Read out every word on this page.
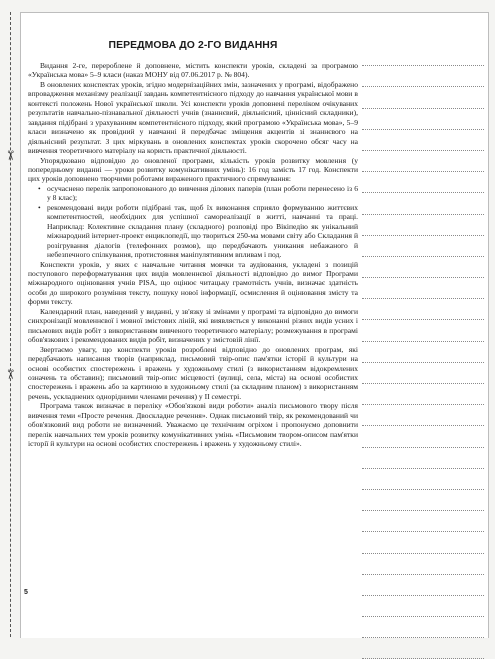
✂
✂
ПЕРЕДМОВА ДО 2-ГО ВИДАННЯ

Видання 2-ге, перероблене й доповнене, містить конспекти уроків, складені за програмою «Українська мова» 5–9 класи (наказ МОНУ від 07.06.2017 р. № 804).

В оновлених конспектах уроків, згідно модернізаційних змін, зазначених у програмі, відображено впровадження механізму реалізації завдань компетентнісного підходу до навчання української мови в контексті положень Нової української школи. Усі конспекти уроків доповнені переліком очікуваних результатів навчально-пізнавальної діяльності учнів (знаннєвий, діяльнісний, ціннісний складники), завдання підібрані з урахуванням компетентнісного підходу, який програмою «Українська мова», 5–9 класи визначено як провідний у навчанні й передбачає зміщення акцентів зі знаннєвого на діяльнісний результат. З цих міркувань в оновлених конспектах уроків скорочено обсяг часу на вивчення теоретичного матеріалу на користь практичної діяльності.

Упорядковано відповідно до оновленої програми, кількість уроків розвитку мовлення (у попередньому виданні — уроки розвитку комунікативних умінь): 16 год замість 17 год. Конспекти цих уроків доповнено творчими роботами вираженого практичного спрямування:

• осучаснено перелік запропонованого до вивчення ділових паперів (план роботи перенесено із 6 у 8 клас);
• рекомендовані види роботи підібрані так, щоб їх виконання сприяло формуванню життєвих компетентностей, необхідних для успішної самореалізації в житті, навчанні та праці. Наприклад: Колективне складання плану (складного) розповіді про Вікіпедію як унікальний міжнародний інтернет-проект енциклопедії, що твориться 250-ма мовами світу або Складання й розігрування діалогів (телефонних розмов), що передбачають уникання небажаного й небезпечного спілкування, протистояння маніпулятивним впливам і под.

Конспекти уроків, у яких є навчальне читання мовчки та аудіювання, укладені з позицій поступового переформатування цих видів мовленнєвої діяльності відповідно до вимог Програми міжнародного оцінювання учнів PISA, що оцінює читацьку грамотність учнів, визначає здатність особи до широкого розуміння тексту, пошуку нової інформації, осмислення й оцінювання змісту та форми тексту.

Календарний план, наведений у виданні, у зв'язку зі змінами у програмі та відповідно до вимоги синхронізації мовленнєвої і мовної змістових ліній, які виявляється у виконанні різних видів усних і письмових видів робіт з використанням вивченого теоретичного матеріалу; розмежування в програмі обов'язкових і рекомендованих видів робіт, визначених у змістовій лінії.

Звертаємо увагу, що конспекти уроків розроблені відповідно до оновлених програм, які передбачають написання творів (наприклад, письмовий твір-опис пам'ятки історії й культури на основі особистих спостережень і вражень у художньому стилі (з використанням відокремлених означень та обставин); письмовий твір-опис місцевості (вулиці, села, міста) на основі особистих спостережень і вражень або за картиною в художньому стилі (за складним планом) з використанням речень, ускладнених однорідними членами речення) у ІІ семестрі.

Програма також визначає в переліку «Обов'язкові види роботи» аналіз письмового твору після вивчення теми «Просте речення. Двоскладне речення». Однак письмовий твір, як рекомендований чи обов'язковий вид роботи не визначений. Уважаємо це технічним огріхом і пропонуємо доповнити перелік навчальних тем уроків розвитку комунікативних умінь «Письмовим твором-описом пам'ятки історії й культури на основі особистих спостережень і вражень у художньому стилі».

5
